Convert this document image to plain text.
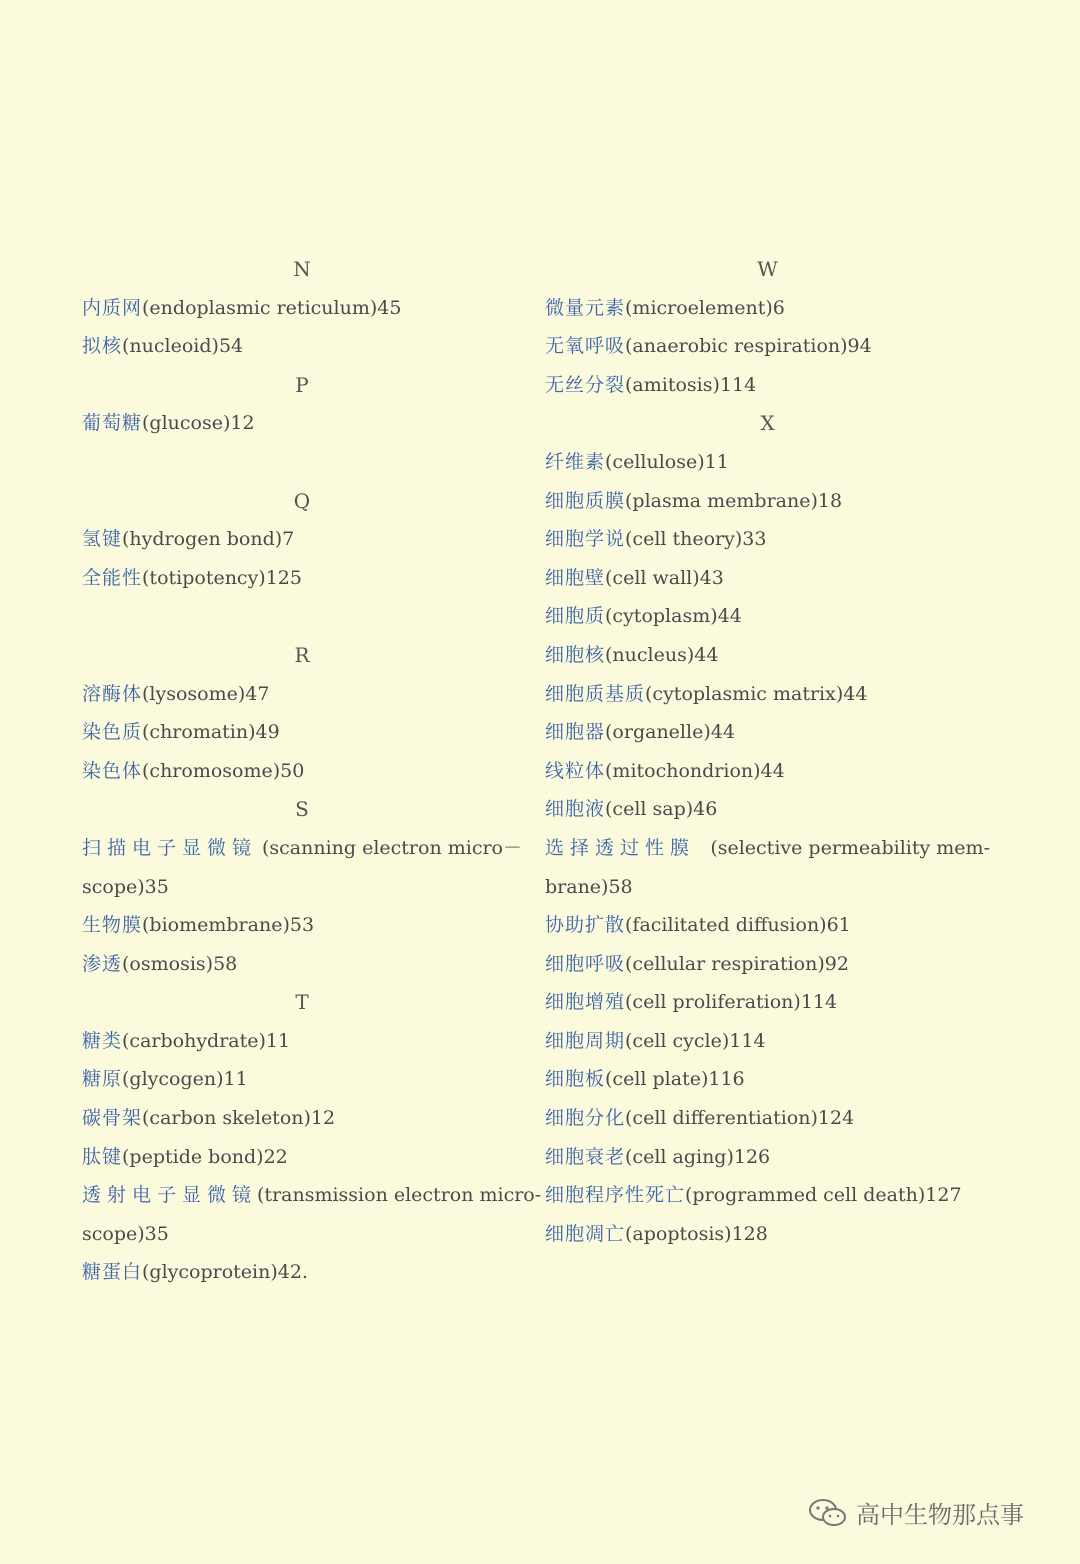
N
内质网(endoplasmic reticulum)45
拟核(nucleoid)54
P
葡萄糖(glucose)12
Q
氢键(hydrogen bond)7
全能性(totipotency)125
R
溶酶体(lysosome)47
染色质(chromatin)49
染色体(chromosome)50
S
扫描电子显微镜 (scanning electron micro－
scope)35
生物膜(biomembrane)53
渗透(osmosis)58
T
糖类(carbohydrate)11
糖原(glycogen)11
碳骨架(carbon skeleton)12
肽键(peptide bond)22
透射电子显微镜 (transmission electron micro-
scope)35
糖蛋白(glycoprotein)42.
W
微量元素(microelement)6
无氧呼吸(anaerobic respiration)94
无丝分裂(amitosis)114
X
纤维素(cellulose)11
细胞质膜(plasma membrane)18
细胞学说(cell theory)33
细胞壁(cell wall)43
细胞质(cytoplasm)44
细胞核(nucleus)44
细胞质基质(cytoplasmic matrix)44
细胞器(organelle)44
线粒体(mitochondrion)44
细胞液(cell sap)46
选择透过性膜 (selective permeability mem-
brane)58
协助扩散(facilitated diffusion)61
细胞呼吸(cellular respiration)92
细胞增殖(cell proliferation)114
细胞周期(cell cycle)114
细胞板(cell plate)116
细胞分化(cell differentiation)124
细胞衰老(cell aging)126
细胞程序性死亡(programmed cell death)127
细胞凋亡(apoptosis)128
高中生物那点事
